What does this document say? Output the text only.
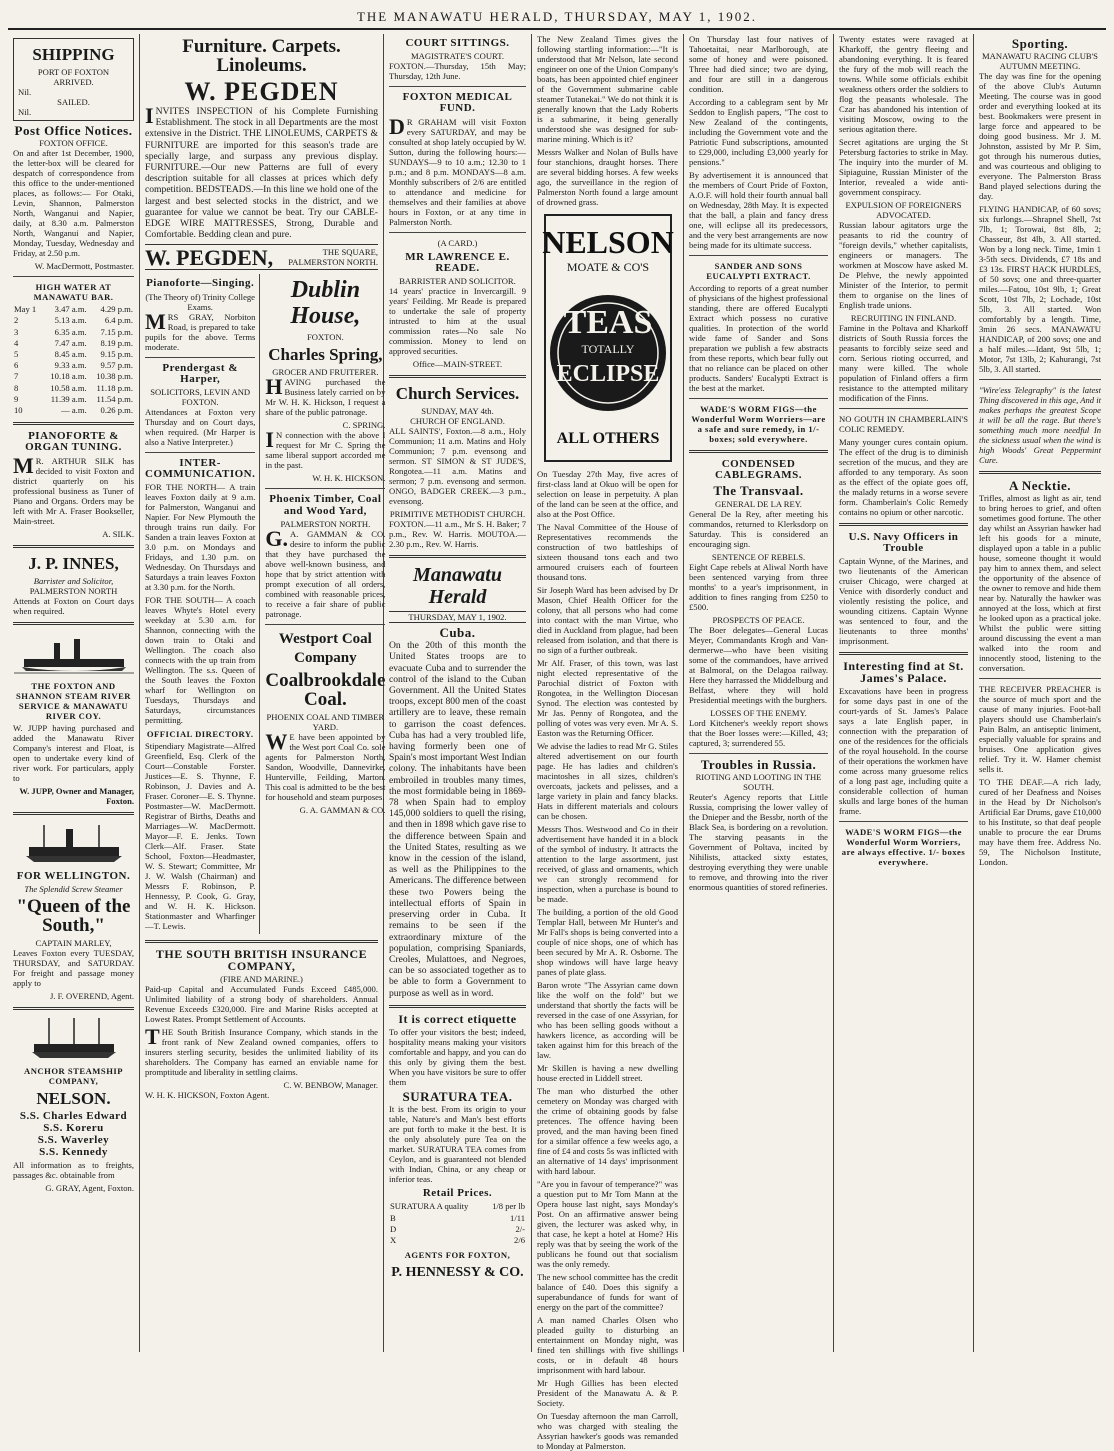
THE MANAWATU HERALD, THURSDAY, MAY 1, 1902.
SHIPPING
PORT OF FOXTON
ARRIVED.
Nil.
SAILED.
Nil.
Post Office Notices.
FOXTON OFFICE.

On and after 1st December, 1900, the letter-box will be cleared for despatch of correspondence from this office to the under-mentioned places, as follows:— For Otaki, Levin, Shannon, Palmerston North, Wanganui and Napier, daily, at 8.30 a.m. Palmerston North, Wanganui and Napier, Monday, Tuesday, Wednesday and Friday, at 2.50 p.m.

W. MacDermott, Postmaster.
HIGH WATER AT MANAWATU BAR.
May 1	3.47 a.m.	4.29 p.m.
2	5.13 a.m.	6.4 p.m.
3	6.35 a.m.	7.15 p.m.
4	7.47 a.m.	8.19 p.m.
5	8.45 a.m.	9.15 p.m.
6	9.33 a.m.	9.57 p.m.
7	10.18 a.m.	10.38 p.m.
8	10.58 a.m.	11.18 p.m.
9	11.39 a.m.	11.54 p.m.
10	— a.m.	0.26 p.m.
PIANOFORTE & ORGAN TUNING.

MR. ARTHUR SILK has decided to visit Foxton and district quarterly on his professional business as Tuner of Piano and Organs. Orders may be left with Mr A. Fraser Bookseller, Main-street.

A. SILK.
J. P. INNES,
Barrister and Solicitor,
PALMERSTON NORTH

Attends at Foxton on Court days when required.

THE FOXTON AND SHANNON STEAM RIVER SERVICE & MANAWATU RIVER COY.

W. JUPP having purchased and added the Manawatu River Company's interest and Float, is open to undertake every kind of river work. For particulars, apply to

W. JUPP, Owner and Manager, Foxton.
FOR WELLINGTON.
The Splendid Screw Steamer
"Queen of the South,"
CAPTAIN MARLEY,

Leaves Foxton every TUESDAY, THURSDAY, and SATURDAY. For freight and passage money apply to

J. F. OVEREND, Agent.
ANCHOR STEAMSHIP COMPANY,
NELSON.
S.S. Charles Edward
S.S. Koreru
S.S. Waverley
S.S. Kennedy

All information as to freights, passages &c. obtainable from

G. GRAY, Agent, Foxton.
Furniture. Carpets. Linoleums.
W. PEGDEN

INVITES INSPECTION of his Complete Furnishing Establishment. The stock in all Departments are the most extensive in the District. THE LINOLEUMS, CARPETS & FURNITURE are imported for this season's trade are specially large, and surpass any previous display. FURNITURE.—Our new Patterns are full of every description suitable for all classes at prices which defy competition. BEDSTEADS.—In this line we hold one of the largest and best selected stocks in the district, and we guarantee for value we cannot be beat. Try our CABLE-EDGE WIRE MATTRESSES, Strong, Durable and Comfortable. Bedding clean and pure.

W. PEGDEN,	THE SQUARE, PALMERSTON NORTH.
Pianoforte—Singing.
(The Theory of) Trinity College Exams.

MRS GRAY, Norbiton Road, is prepared to take pupils for the above. Terms moderate.

Prendergast & Harper,
SOLICITORS, LEVIN AND FOXTON.

Attendances at Foxton very Thursday and on Court days, when required. (Mr Harper is also a Native Interpreter.)

INTER-COMMUNICATION.

FOR THE NORTH— A train leaves Foxton daily at 9 a.m. for Palmerston, Wanganui and Napier. For New Plymouth the through trains run daily. For Sanden a train leaves Foxton at 3.0 p.m. on Mondays and Fridays, and 1.30 p.m. on Wednesday. On Thursdays and Saturdays a train leaves Foxton at 3.30 p.m. for the North.

FOR THE SOUTH— A coach leaves Whyte's Hotel every weekday at 5.30 a.m. for Shannon, connecting with the down train to Otaki and Wellington. The coach also connects with the up train from Wellington. The s.s. Queen of the South leaves the Foxton wharf for Wellington on Tuesdays, Thursdays and Saturdays, circumstances permitting.

OFFICIAL DIRECTORY.

Stipendiary Magistrate—Alfred Greenfield, Esq. Clerk of the Court—Constable Forster. Justices—E. S. Thynne, F. Robinson, J. Davies and A. Fraser. Coroner—E. S. Thynne. Postmaster—W. MacDermott. Registrar of Births, Deaths and Marriages—W. MacDermott. Mayor—F. E. Jenks. Town Clerk—Alf. Fraser. State School, Foxton—Headmaster, W. S. Stewart; Committee, Mr J. W. Walsh (Chairman) and Messrs F. Robinson, P. Hennessy, P. Cook, G. Gray, and W. H. K. Hickson. Stationmaster and Wharfinger—T. Lewis.

Dublin House,
FOXTON.
Charles Spring,
GROCER AND FRUITERER.

HAVING purchased the Business lately carried on by Mr W. H. K. Hickson, I request a share of the public patronage.

C. SPRING.

IN connection with the above I request for Mr C. Spring the same liberal support accorded me in the past.

W. H. K. HICKSON.
Phoenix Timber, Coal and Wood Yard,
PALMERSTON NORTH.

G.A. GAMMAN & CO. desire to inform the public that they have purchased the above well-known business, and hope that by strict attention with prompt execution of all orders, combined with reasonable prices, to receive a fair share of public patronage.

Westport Coal Company
Coalbrookdale Coal.
PHOENIX COAL AND TIMBER YARD.

WE have been appointed by the West port Coal Co. sole agents for Palmerston North, Sandon, Woodville, Dannevirke, Hunterville, Feilding, Marton. This coal is admitted to be the best for household and steam purposes.

G. A. GAMMAN & CO.
THE SOUTH BRITISH INSURANCE COMPANY,
(FIRE AND MARINE.)

Paid-up Capital and Accumulated Funds Exceed £485,000. Unlimited liability of a strong body of shareholders. Annual Revenue Exceeds £320,000. Fire and Marine Risks accepted at Lowest Rates. Prompt Settlement of Accounts.

THE South British Insurance Company, which stands in the front rank of New Zealand owned companies, offers to insurers sterling security, besides the unlimited liability of its shareholders. The Company has earned an enviable name for promptitude and liberality in settling claims.

C. W. BENBOW, Manager.
W. H. K. HICKSON, Foxton Agent.
COURT SITTINGS.
MAGISTRATE'S COURT.

FOXTON.—Thursday, 15th May; Thursday, 12th June.

FOXTON MEDICAL FUND.

DR GRAHAM will visit Foxton every SATURDAY, and may be consulted at shop lately occupied by W. Sutton, during the following hours:— SUNDAYS—9 to 10 a.m.; 12.30 to 1 p.m.; and 8 p.m. MONDAYS—8 a.m. Monthly subscribers of 2/6 are entitled to attendance and medicine for themselves and their families at above hours in Foxton, or at any time in Palmerston North.

(A CARD.)
MR LAWRENCE E. READE.
BARRISTER AND SOLICITOR.

14 years' practice in Invercargill. 9 years' Feilding. Mr Reade is prepared to undertake the sale of property intrusted to him at the usual commission rates—No sale No commission. Money to lend on approved securities.

Office—MAIN-STREET.
Church Services.
SUNDAY, MAY 4th.
CHURCH OF ENGLAND.

ALL SAINTS', Foxton.—8 a.m., Holy Communion; 11 a.m. Matins and Holy Communion; 7 p.m. evensong and sermon. ST SIMON & ST JUDE'S, Rongotea.—11 a.m. Matins and sermon; 7 p.m. evensong and sermon. ONGO, BADGER CREEK.—3 p.m., evensong.

PRIMITIVE METHODIST CHURCH.

FOXTON.—11 a.m., Mr S. H. Baker; 7 p.m., Rev. W. Harris. MOUTOA.—2.30 p.m., Rev. W. Harris.

Manawatu Herald
THURSDAY, MAY 1, 1902.
Cuba.

On the 20th of this month the United States troops are to evacuate Cuba and to surrender the control of the island to the Cuban Government. All the United States troops, except 800 men of the coast artillery are to leave, these remain to garrison the coast defences. Cuba has had a very troubled life, having formerly been one of Spain's most important West Indian colony. The inhabitants have been embroiled in troubles many times, the most formidable being in 1869-78 when Spain had to employ 145,000 soldiers to quell the rising, and then in 1898 which gave rise to the difference between Spain and the United States, resulting as we know in the cession of the island, as well as the Philippines to the Americans. The difference between these two Powers being the intellectual efforts of Spain in preserving order in Cuba. It remains to be seen if the extraordinary mixture of the population, comprising Spaniards, Creoles, Mulattoes, and Negroes, can be so associated together as to be able to form a Government to purpose as well as in word.

It is correct etiquette

To offer your visitors the best; indeed, hospitality means making your visitors comfortable and happy, and you can do this only by giving them the best. When you have visitors be sure to offer them

SURATURA TEA.

It is the best. From its origin to your table, Nature's and Man's best efforts are put forth to make it the best. It is the only absolutely pure Tea on the market. SURATURA TEA comes from Ceylon, and is guaranteed not blended with Indian, China, or any cheap or inferior teas.

Retail Prices.
SURATURA A quality	1/8 per lb
B	1/11
D	2/-
X	2/6
AGENTS FOR FOXTON,
P. HENNESSY & CO.

The New Zealand Times gives the following startling information:—"It is understood that Mr Nelson, late second engineer on one of the Union Company's boats, has been appointed chief engineer of the Government submarine cable steamer Tutanekai." We do not think it is generally known that the Lady Roberts is a submarine, it being generally understood she was designed for sub-marine mining. Which is it?

Messrs Walker and Nolan of Bulls have four stanchions, draught horses. There are several bidding horses. A few weeks ago, the surveillance in the region of Palmerston North found a large amount of drowned grass.

NELSON
MOATE & CO'S
TEAS
TOTALLY
ECLIPSE
ALL OTHERS

On Tuesday 27th May, five acres of first-class land at Okuo will be open for selection on lease in perpetuity. A plan of the land can be seen at the office, and also at the Post Office.

The Naval Committee of the House of Representatives recommends the construction of two battleships of sixteen thousand tons each and two armoured cruisers each of fourteen thousand tons.

Sir Joseph Ward has been advised by Dr Mason, Chief Health Officer for the colony, that all persons who had come into contact with the man Virtue, who died in Auckland from plague, had been released from isolation, and that there is no sign of a further outbreak.

Mr Alf. Fraser, of this town, was last night elected representative of the Parochial district of Foxton with Rongotea, in the Wellington Diocesan Synod. The election was contested by Mr Jas. Penny of Rongotea, and the polling of votes was very even. Mr A. S. Easton was the Returning Officer.

We advise the ladies to read Mr G. Stiles altered advertisement on our fourth page. He has ladies and children's macintoshes in all sizes, children's overcoats, jackets and pelisses, and a large variety in plain and fancy blacks. Hats in different materials and colours can be chosen.

Messrs Thos. Westwood and Co in their advertisement have handed it in a block of the symbol of industry. It attracts the attention to the large assortment, just received, of glass and ornaments, which we can strongly recommend for inspection, when a purchase is bound to be made.

The building, a portion of the old Good Templar Hall, between Mr Hunter's and Mr Fall's shops is being converted into a couple of nice shops, one of which has been secured by Mr A. R. Osborne. The shop windows will have large heavy panes of plate glass.

Baron wrote "The Assyrian came down like the wolf on the fold" but we understand that shortly the facts will be reversed in the case of one Assyrian, for who has been selling goods without a hawkers licence, as according will be taken against him for this breach of the law.

Mr Skillen is having a new dwelling house erected in Liddell street.

The man who disturbed the other cemetery on Monday was charged with the crime of obtaining goods by false pretences. The offence having been proved, and the man having been fined for a similar offence a few weeks ago, a fine of £4 and costs 5s was inflicted with an alternative of 14 days' imprisonment with hard labour.

"Are you in favour of temperance?" was a question put to Mr Tom Mann at the Opera house last night, says Monday's Post. On an affirmative answer being given, the lecturer was asked why, in that case, he kept a hotel at Home? His reply was that by seeing the work of the publicans he found out that socialism was the only remedy.

The new school committee has the credit balance of £40. Does this signify a superabundance of funds for want of energy on the part of the committee?

A man named Charles Olsen who pleaded guilty to disturbing an entertainment on Monday night, was fined ten shillings with five shillings costs, or in default 48 hours imprisonment with hard labour.

Mr Hugh Gillies has been elected President of the Manawatu A. & P. Society.

On Tuesday afternoon the man Carroll, who was charged with stealing the Assyrian hawker's goods was remanded to Monday at Palmerston.

On Thursday last four natives of Tahoetaitai, near Marlborough, ate some of honey and were poisoned. Three had died since; two are dying, and four are still in a dangerous condition.

According to a cablegram sent by Mr Seddon to English papers, "The cost to New Zealand of the contingents, including the Government vote and the Patriotic Fund subscriptions, amounted to £29,000, including £3,000 yearly for pensions."

By advertisement it is announced that the members of Court Pride of Foxton, A.O.F. will hold their fourth annual ball on Wednesday, 28th May. It is expected that the ball, a plain and fancy dress one, will eclipse all its predecessors, and the very best arrangements are now being made for its ultimate success.

SANDER AND SONS EUCALYPTI EXTRACT.

According to reports of a great number of physicians of the highest professional standing, there are offered Eucalypti Extract which possess no curative qualities. In protection of the world wide fame of Sander and Sons preparation we publish a few abstracts from these reports, which bear fully out that no reliance can be placed on other products. Sanders' Eucalypti Extract is the best at the market.

WADE'S WORM FIGS—the Wonderful Worm Worriers—are a safe and sure remedy, in 1/- boxes; sold everywhere.
CONDENSED CABLEGRAMS.
The Transvaal.
GENERAL DE LA REY.

General De la Rey, after meeting his commandos, returned to Klerksdorp on Saturday. This is considered an encouraging sign.

SENTENCE OF REBELS.

Eight Cape rebels at Aliwal North have been sentenced varying from three months' to a year's imprisonment, in addition to fines ranging from £250 to £500.

PROSPECTS OF PEACE.

The Boer delegates—General Lucas Meyer, Commandants Krogh and Van-dermerwe—who have been visiting some of the commandoes, have arrived at Balmoral, on the Delagoa railway. Here they harrassed the Middelburg and Belfast, where they will hold Presidential meetings with the burghers.

LOSSES OF THE ENEMY.

Lord Kitchener's weekly report shows that the Boer losses were:—Killed, 43; captured, 3; surrendered 55.

Troubles in Russia.
RIOTING AND LOOTING IN THE SOUTH.

Reuter's Agency reports that Little Russia, comprising the lower valley of the Dnieper and the Bessbr, north of the Black Sea, is bordering on a revolution. The starving peasants in the Government of Poltava, incited by Nihilists, attacked sixty estates, destroying everything they were unable to remove, and throwing into the river enormous quantities of stored refineries.

Twenty estates were ravaged at Kharkoff, the gentry fleeing and abandoning everything. It is feared the fury of the mob will reach the towns. While some officials exhibit weakness others order the soldiers to flog the peasants wholesale. The Czar has abandoned his intention of visiting Moscow, owing to the serious agitation there.

Secret agitations are urging the St Petersburg factories to strike in May. The inquiry into the murder of M. Sipiaguine, Russian Minister of the Interior, revealed a wide anti-government conspiracy.

EXPULSION OF FOREIGNERS ADVOCATED.

Russian labour agitators urge the peasants to rid the country of "foreign devils," whether capitalists, engineers or managers. The workmen at Moscow have asked M. De Plehve, the newly appointed Minister of the Interior, to permit them to organise on the lines of English trade unions.

RECRUITING IN FINLAND.

Famine in the Poltava and Kharkoff districts of South Russia forces the peasants to forcibly seize seed and corn. Serious rioting occurred, and many were killed. The whole population of Finland offers a firm resistance to the attempted military modification of the Finns.

NO GOUTH IN CHAMBERLAIN'S COLIC REMEDY.

Many younger cures contain opium. The effect of the drug is to diminish secretion of the mucus, and they are afforded to any temporary. As soon as the effect of the opiate goes off, the malady returns in a worse severe form. Chamberlain's Colic Remedy contains no opium or other narcotic.

U.S. Navy Officers in Trouble

Captain Wynne, of the Marines, and two lieutenants of the American cruiser Chicago, were charged at Venice with disorderly conduct and violently resisting the police, and wounding citizens. Captain Wynne was sentenced to four, and the lieutenants to three months' imprisonment.

Interesting find at St. James's Palace.

Excavations have been in progress for some days past in one of the court-yards of St. James's Palace says a late English paper, in connection with the preparation of one of the residences for the officials of the royal household. In the course of their operations the workmen have come across many gruesome relics of a long past age, including quite a considerable collection of human skulls and large bones of the human frame.

WADE'S WORM FIGS—the Wonderful Worm Worriers, are always effective. 1/- boxes everywhere.
Sporting.
MANAWATU RACING CLUB'S AUTUMN MEETING.

The day was fine for the opening of the above Club's Autumn Meeting. The course was in good order and everything looked at its best. Bookmakers were present in large force and appeared to be doing good business. Mr J. M. Johnston, assisted by Mr P. Sim, got through his numerous duties, and was courteous and obliging to everyone. The Palmerston Brass Band played selections during the day.

FLYING HANDICAP, of 60 sovs; six furlongs.—Shrapnel Shell, 7st 7lb, 1; Torowai, 8st 8lb, 2; Chasseur, 8st 4lb, 3. All started. Won by a long neck. Time, 1min 1 3-5th secs. Dividends, £7 18s and £3 13s. FIRST HACK HURDLES, of 50 sovs; one and three-quarter miles.—Fatou, 10st 9lb, 1; Great Scott, 10st 7lb, 2; Lochade, 10st 5lb, 3. All started. Won comfortably by a length. Time, 3min 26 secs. MANAWATU HANDICAP, of 200 sovs; one and a half miles.—Idant, 9st 5lb, 1; Motor, 7st 13lb, 2; Kahurangi, 7st 5lb, 3. All started.

"Wire'ess Telegraphy" is the latest Thing discovered in this age, And it makes perhaps the greatest Scope it will be all the rage. But there's something much more needful In the sickness usual when the wind is high Woods' Great Peppermint Cure.

A Necktie.

Trifles, almost as light as air, tend to bring heroes to grief, and often sometimes good fortune. The other day whilst an Assyrian hawker had left his goods for a minute, displayed upon a table in a public house, someone thought it would pay him to annex them, and select the opportunity of the absence of the owner to remove and hide them near by. Naturally the hawker was annoyed at the loss, which at first he looked upon as a practical joke. Whilst the public were sitting around discussing the event a man walked into the room and innocently stood, listening to the conversation.

THE RECEIVER PREACHER is the source of much sport and the cause of many injuries. Foot-ball players should use Chamberlain's Pain Balm, an antiseptic liniment, especially valuable for sprains and bruises. One application gives relief. Try it. W. Hamer chemist sells it.

TO THE DEAF.—A rich lady, cured of her Deafness and Noises in the Head by Dr Nicholson's Artificial Ear Drums, gave £10,000 to his Institute, so that deaf people unable to procure the ear Drums may have them free. Address No. 59, The Nicholson Institute, London.
